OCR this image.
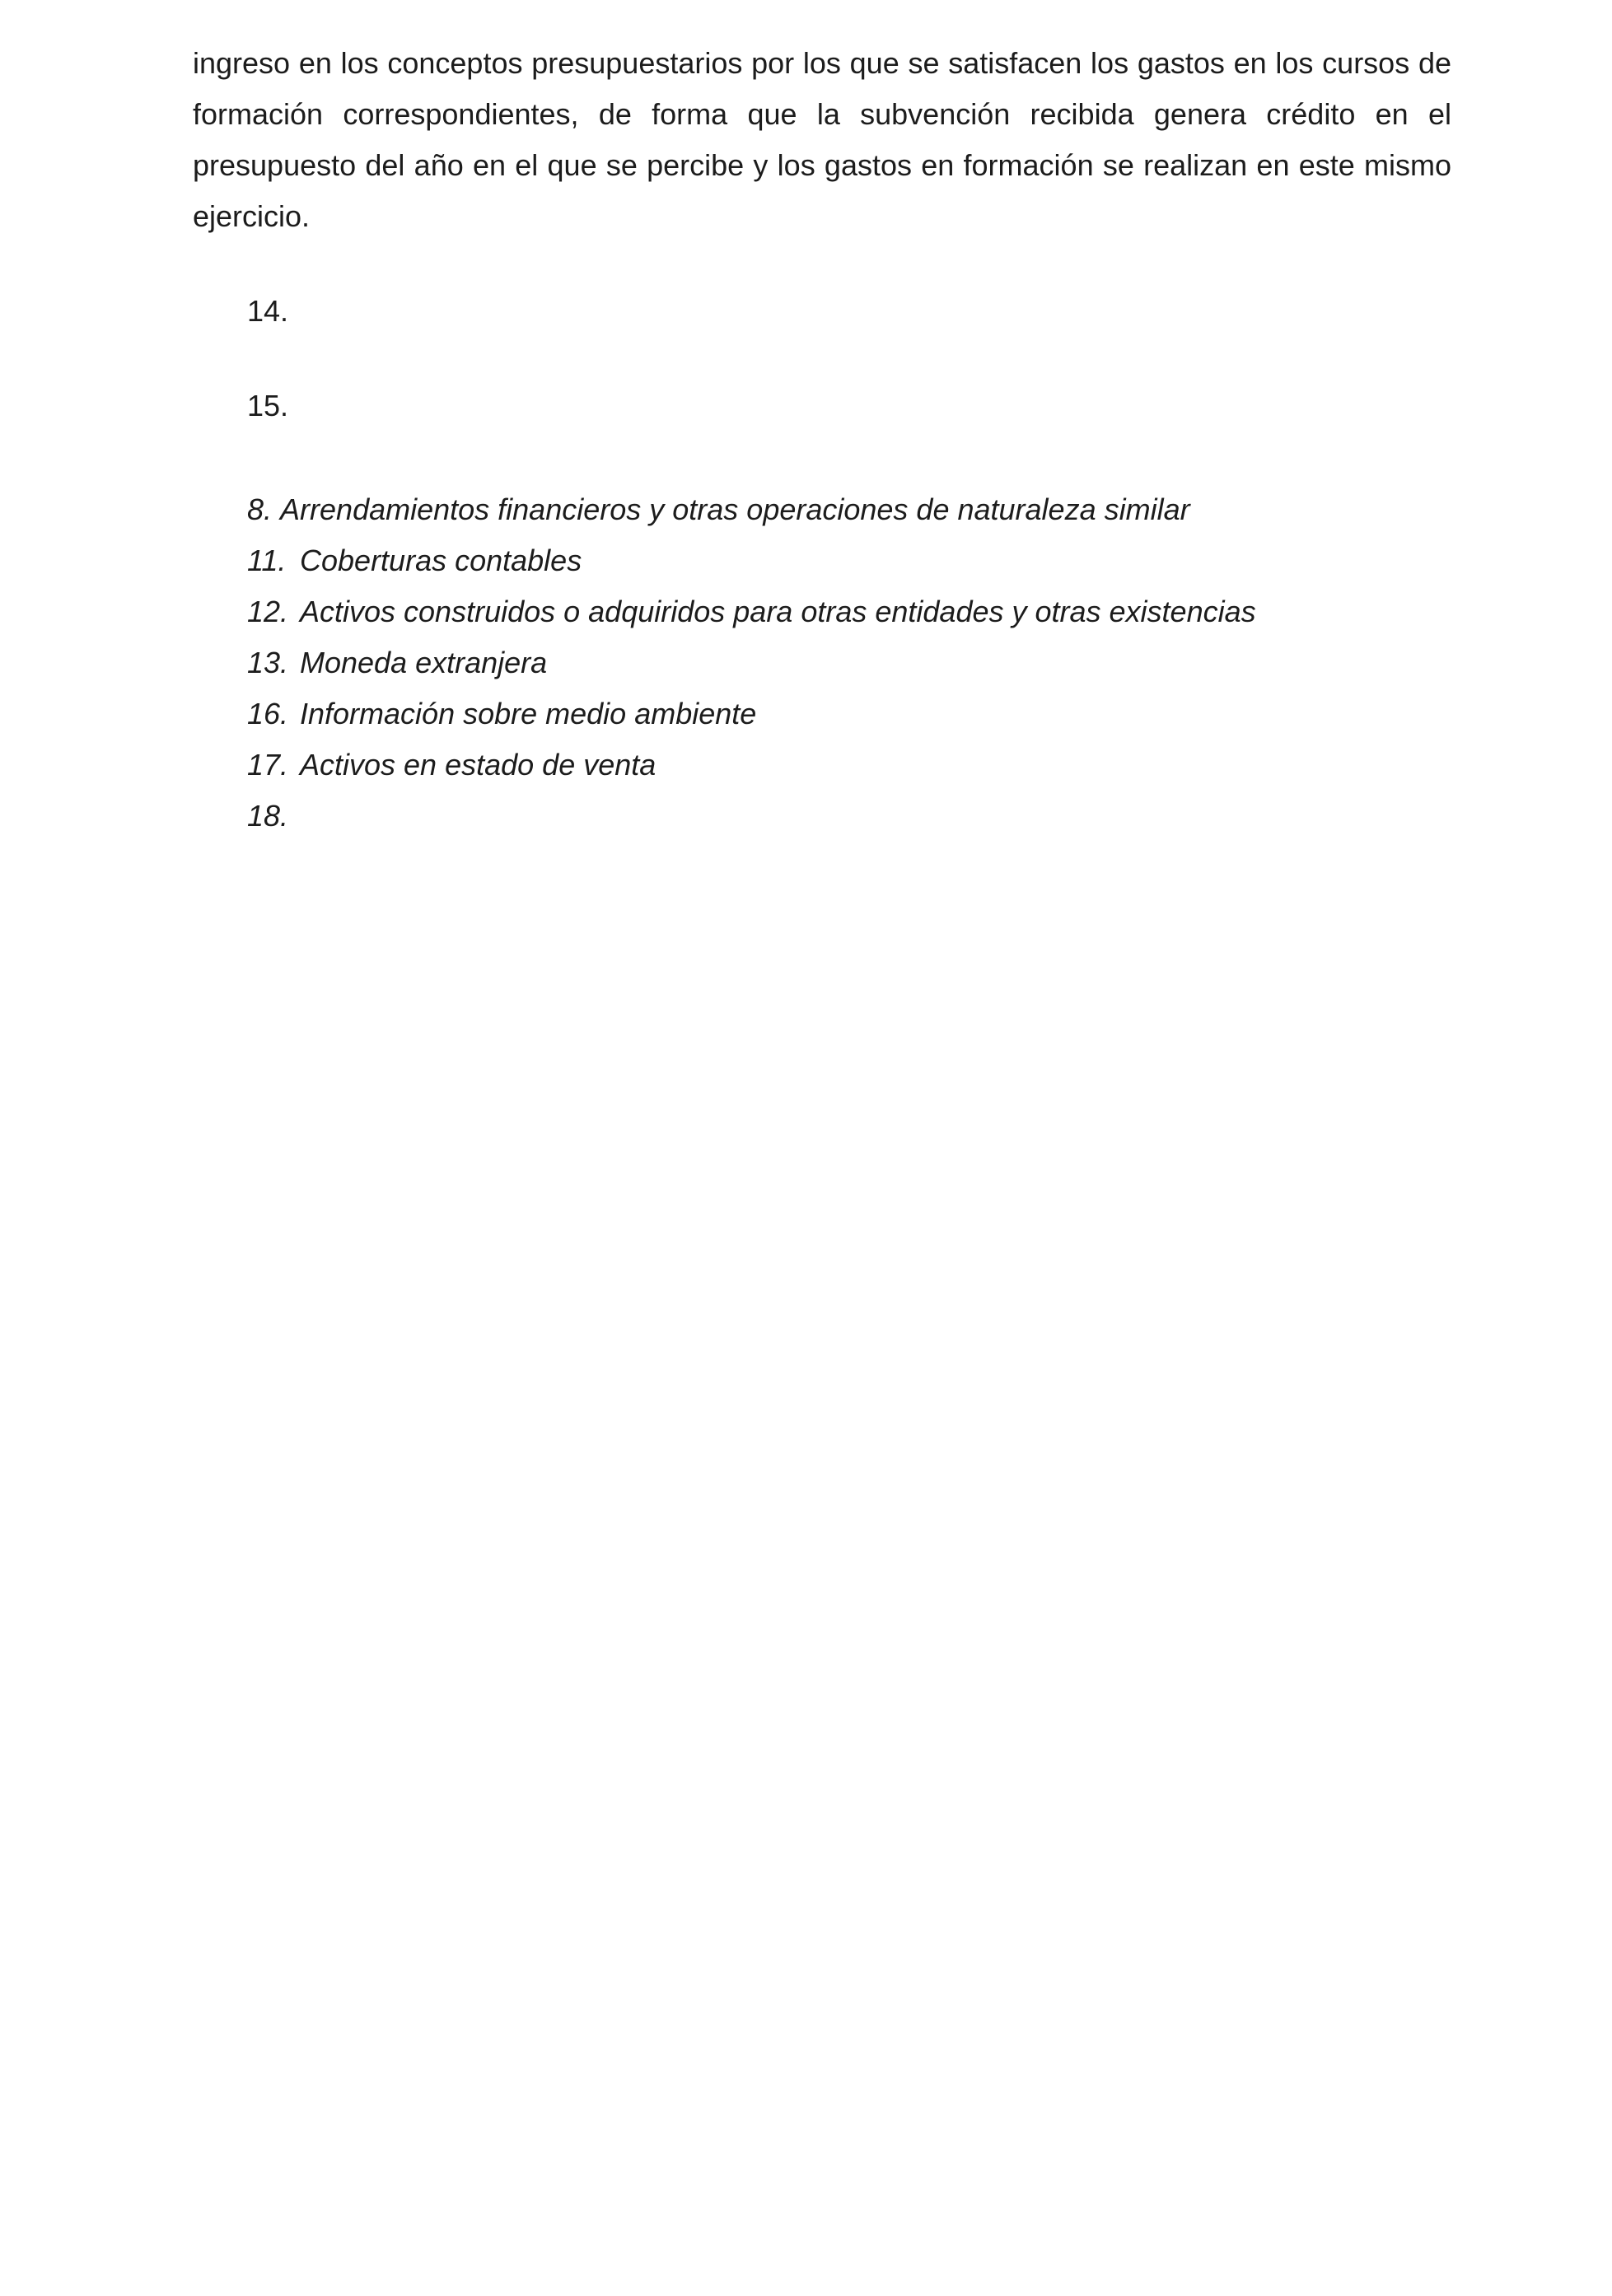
ingreso en los conceptos presupuestarios por los que se satisfacen los gastos en los cursos de
formación correspondientes, de forma que la subvención recibida genera crédito en el
presupuesto del año en el que se percibe y los gastos en formación se realizan en este mismo
ejercicio.

14.

15.

8. Arrendamientos financieros y otras operaciones de naturaleza similar
11. Coberturas contables
12. Activos construidos o adquiridos para otras entidades y otras existencias
13. Moneda extranjera
16. Información sobre medio ambiente
17. Activos en estado de venta
18.
